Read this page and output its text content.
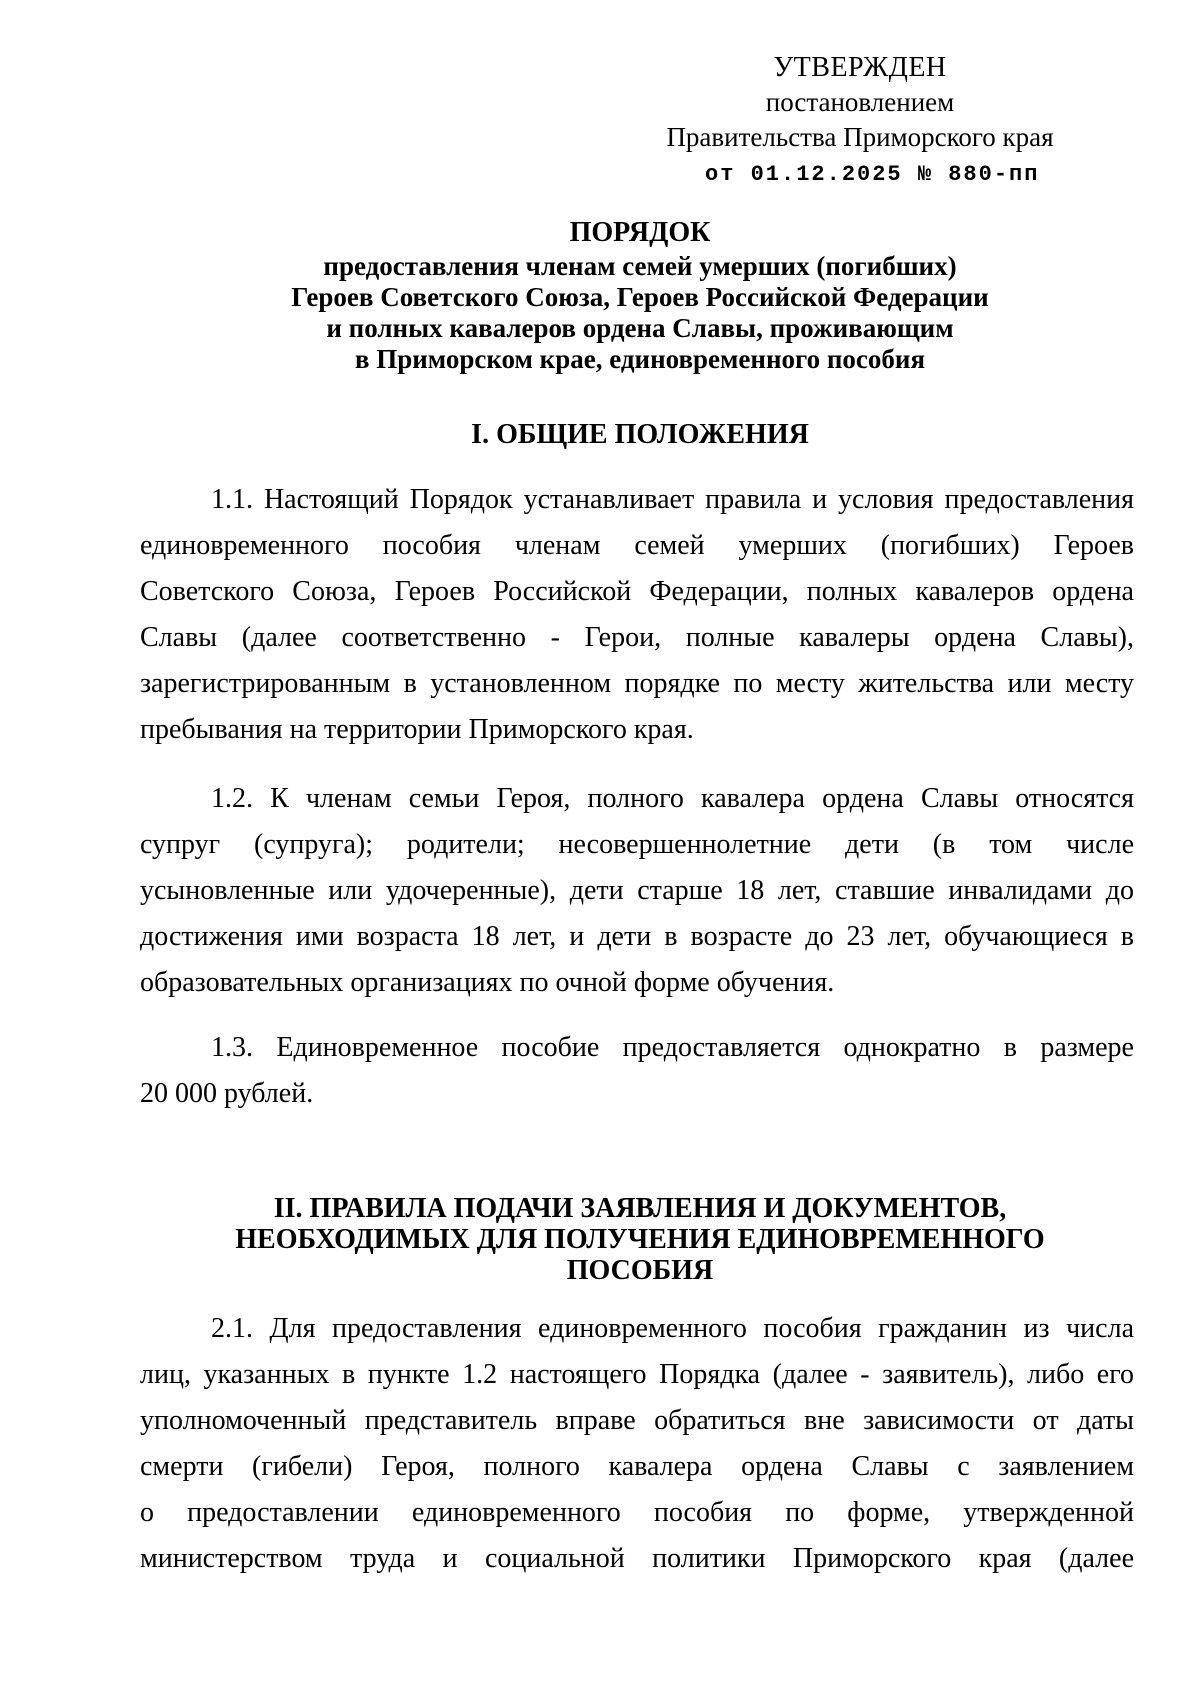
УТВЕРЖДЕН
постановлением
Правительства Приморского края
от 01.12.2025 № 880-пп
ПОРЯДОК
предоставления членам семей умерших (погибших)
Героев Советского Союза, Героев Российской Федерации
и полных кавалеров ордена Славы, проживающим
в Приморском крае, единовременного пособия
I. ОБЩИЕ ПОЛОЖЕНИЯ
1.1. Настоящий Порядок устанавливает правила и условия предоставления
единовременного пособия членам семей умерших (погибших) Героев
Советского Союза, Героев Российской Федерации, полных кавалеров ордена
Славы (далее соответственно - Герои, полные кавалеры ордена Славы),
зарегистрированным в установленном порядке по месту жительства или месту
пребывания на территории Приморского края.
1.2. К членам семьи Героя, полного кавалера ордена Славы относятся
супруг (супруга); родители; несовершеннолетние дети (в том числе
усыновленные или удочеренные), дети старше 18 лет, ставшие инвалидами до
достижения ими возраста 18 лет, и дети в возрасте до 23 лет, обучающиеся в
образовательных организациях по очной форме обучения.
1.3. Единовременное пособие предоставляется однократно в размере
20 000 рублей.
II. ПРАВИЛА ПОДАЧИ ЗАЯВЛЕНИЯ И ДОКУМЕНТОВ,
НЕОБХОДИМЫХ ДЛЯ ПОЛУЧЕНИЯ ЕДИНОВРЕМЕННОГО
ПОСОБИЯ
2.1. Для предоставления единовременного пособия гражданин из числа
лиц, указанных в пункте 1.2 настоящего Порядка (далее - заявитель), либо его
уполномоченный представитель вправе обратиться вне зависимости от даты
смерти (гибели) Героя, полного кавалера ордена Славы с заявлением
о предоставлении единовременного пособия по форме, утвержденной
министерством труда и социальной политики Приморского края (далее
